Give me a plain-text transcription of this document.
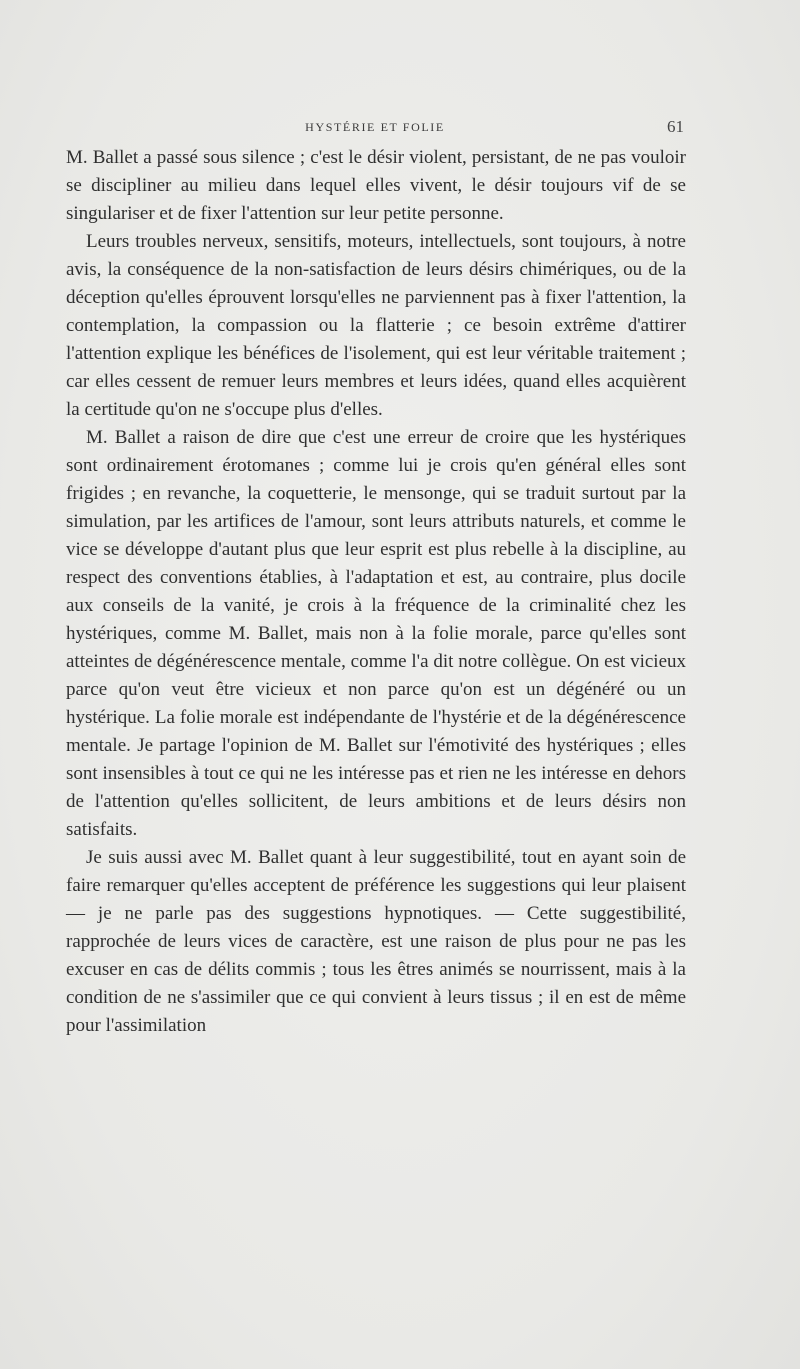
HYSTÉRIE ET FOLIE	61

M. Ballet a passé sous silence ; c'est le désir violent, persistant, de ne pas vouloir se discipliner au milieu dans lequel elles vivent, le désir toujours vif de se singulariser et de fixer l'attention sur leur petite personne.

Leurs troubles nerveux, sensitifs, moteurs, intellectuels, sont toujours, à notre avis, la conséquence de la non-satisfaction de leurs désirs chimériques, ou de la déception qu'elles éprouvent lorsqu'elles ne parviennent pas à fixer l'attention, la contemplation, la compassion ou la flatterie ; ce besoin extrême d'attirer l'attention explique les bénéfices de l'isolement, qui est leur véritable traitement ; car elles cessent de remuer leurs membres et leurs idées, quand elles acquièrent la certitude qu'on ne s'occupe plus d'elles.

M. Ballet a raison de dire que c'est une erreur de croire que les hystériques sont ordinairement érotomanes ; comme lui je crois qu'en général elles sont frigides ; en revanche, la coquetterie, le mensonge, qui se traduit surtout par la simulation, par les artifices de l'amour, sont leurs attributs naturels, et comme le vice se développe d'autant plus que leur esprit est plus rebelle à la discipline, au respect des conventions établies, à l'adaptation et est, au contraire, plus docile aux conseils de la vanité, je crois à la fréquence de la criminalité chez les hystériques, comme M. Ballet, mais non à la folie morale, parce qu'elles sont atteintes de dégénérescence mentale, comme l'a dit notre collègue. On est vicieux parce qu'on veut être vicieux et non parce qu'on est un dégénéré ou un hystérique. La folie morale est indépendante de l'hystérie et de la dégénérescence mentale. Je partage l'opinion de M. Ballet sur l'émotivité des hystériques ; elles sont insensibles à tout ce qui ne les intéresse pas et rien ne les intéresse en dehors de l'attention qu'elles sollicitent, de leurs ambitions et de leurs désirs non satisfaits.

Je suis aussi avec M. Ballet quant à leur suggestibilité, tout en ayant soin de faire remarquer qu'elles acceptent de préférence les suggestions qui leur plaisent — je ne parle pas des suggestions hypnotiques. — Cette suggestibilité, rapprochée de leurs vices de caractère, est une raison de plus pour ne pas les excuser en cas de délits commis ; tous les êtres animés se nourrissent, mais à la condition de ne s'assimiler que ce qui convient à leurs tissus ; il en est de même pour l'assimilation
